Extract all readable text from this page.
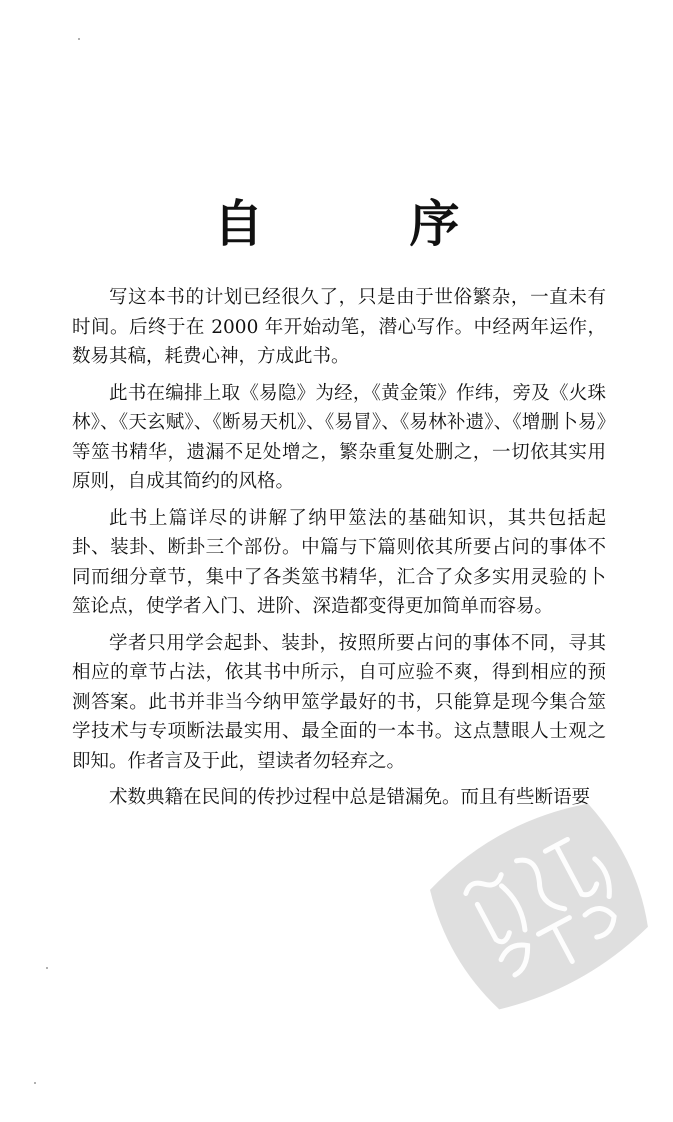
自　序

写这本书的计划已经很久了，只是由于世俗繁杂，一直未有时间。后终于在 2000 年开始动笔，潜心写作。中经两年运作，数易其稿，耗费心神，方成此书。

此书在编排上取《易隐》为经，《黄金策》作纬，旁及《火珠林》、《天玄赋》、《断易天机》、《易冒》、《易林补遗》、《增删卜易》等筮书精华，遗漏不足处增之，繁杂重复处删之，一切依其实用原则，自成其简约的风格。

此书上篇详尽的讲解了纳甲筮法的基础知识，其共包括起卦、装卦、断卦三个部份。中篇与下篇则依其所要占问的事体不同而细分章节，集中了各类筮书精华，汇合了众多实用灵验的卜筮论点，使学者入门、进阶、深造都变得更加简单而容易。

学者只用学会起卦、装卦，按照所要占问的事体不同，寻其相应的章节占法，依其书中所示，自可应验不爽，得到相应的预测答案。此书并非当今纳甲筮学最好的书，只能算是现今集合筮学技术与专项断法最实用、最全面的一本书。这点慧眼人士观之即知。作者言及于此，望读者勿轻弃之。

术数典籍在民间的传抄过程中总是错漏免。而且有些断语要
